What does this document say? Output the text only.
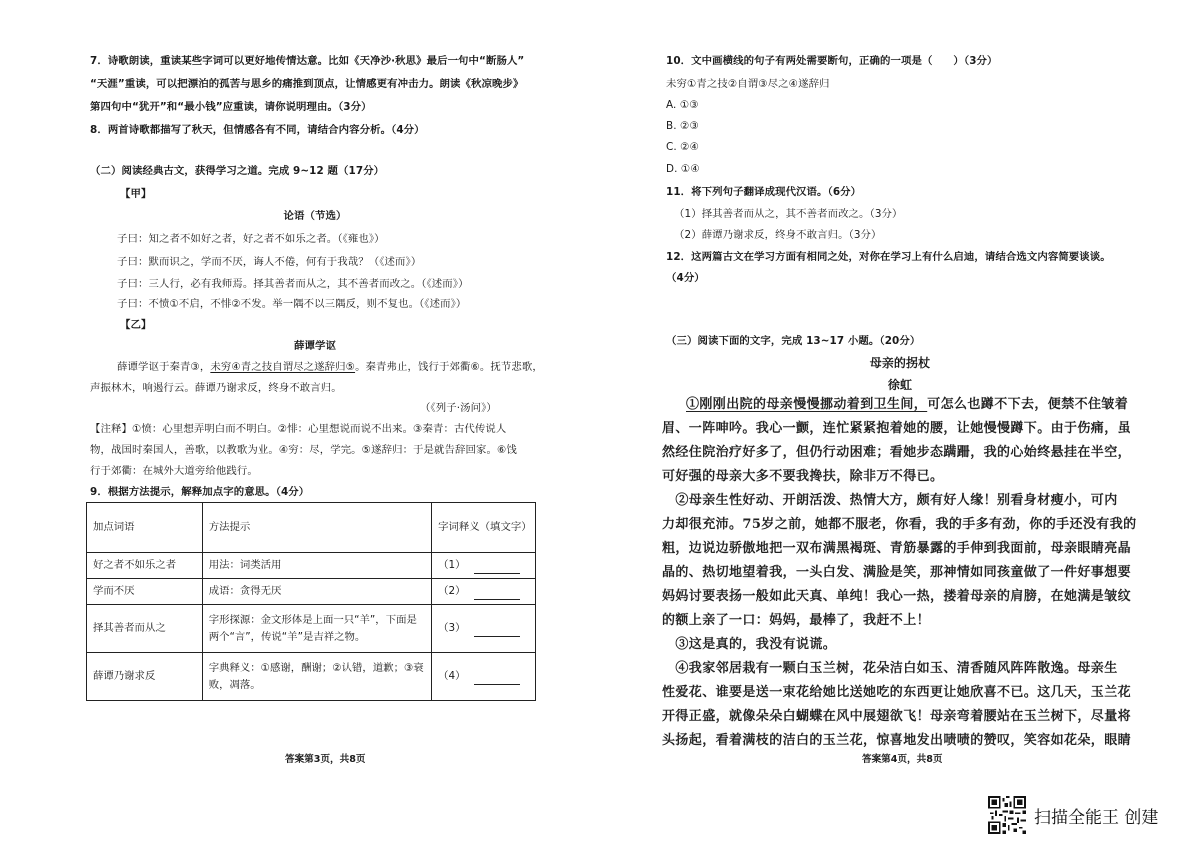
7．诗歌朗读，重读某些字词可以更好地传情达意。比如《天净沙·秋思》最后一句中“断肠人”
“天涯”重读，可以把漂泊的孤苦与思乡的痛推到顶点，让情感更有冲击力。朗读《秋凉晚步》
第四句中“犹开”和“最小钱”应重读，请你说明理由。（3分）
8．两首诗歌都描写了秋天，但情感各有不同，请结合内容分析。（4分）
（二）阅读经典古文，获得学习之道。完成 9~12 题（17分）
【甲】
论语（节选）
子曰：知之者不如好之者，好之者不如乐之者。（《雍也》）
子曰：默而识之，学而不厌，诲人不倦，何有于我哉？（《述而》）
子曰：三人行，必有我师焉。择其善者而从之，其不善者而改之。（《述而》）
子曰：不愤①不启，不悱②不发。举一隅不以三隅反，则不复也。（《述而》）
【乙】
薛谭学讴
薛谭学讴于秦青③，未穷④青之技自谓尽之遂辞归⑤。秦青弗止，饯行于郊衢⑥。抚节悲歌，
声振林木，响遏行云。薛谭乃谢求反，终身不敢言归。
（《列子·汤问》）
【注释】①愤：心里想弄明白而不明白。②悱：心里想说而说不出来。③秦青：古代传说人
物，战国时秦国人，善歌，以教歌为业。④穷：尽，学完。⑤遂辞归：于是就告辞回家。⑥饯
行于郊衢：在城外大道旁给他践行。
9．根据方法提示，解释加点字的意思。（4分）
加点词语	方法提示	字词释义（填文字）
好之者不如乐之者	用法：词类活用	（1）
学而不厌	成语：贪得无厌	（2）
择其善者而从之	字形探源：金文形体是上面一只“羊”，下面是两个“言”，传说“羊”是吉祥之物。	（3）
薛谭乃谢求反	字典释义：①感谢，酬谢；②认错，道歉；③衰败，凋落。	（4）
答案第3页，共8页
10．文中画横线的句子有两处需要断句，正确的一项是（　　）（3分）
未穷①青之技②自谓③尽之④遂辞归
A. ①③
B. ②③
C. ②④
D. ①④
11．将下列句子翻译成现代汉语。（6分）
（1）择其善者而从之，其不善者而改之。（3分）
（2）薛谭乃谢求反，终身不敢言归。（3分）
12．这两篇古文在学习方面有相同之处，对你在学习上有什么启迪，请结合选文内容简要谈谈。
（4分）
（三）阅读下面的文字，完成 13~17 小题。（20分）
母亲的拐杖
徐虹
①刚刚出院的母亲慢慢挪动着到卫生间，可怎么也蹲不下去，便禁不住皱着
眉、一阵呻吟。我心一颤，连忙紧紧抱着她的腰，让她慢慢蹲下。由于伤痛，虽
然经住院治疗好多了，但仍行动困难；看她步态蹒跚，我的心始终悬挂在半空，
可好强的母亲大多不要我搀扶，除非万不得已。
　②母亲生性好动、开朗活泼、热情大方，颇有好人缘！别看身材瘦小，可内
力却很充沛。75岁之前，她都不服老，你看，我的手多有劲，你的手还没有我的
粗，边说边骄傲地把一双布满黑褐斑、青筋暴露的手伸到我面前，母亲眼睛亮晶
晶的、热切地望着我，一头白发、满脸是笑，那神情如同孩童做了一件好事想要
妈妈讨要表扬一般如此天真、单纯！我心一热，搂着母亲的肩膀，在她满是皱纹
的额上亲了一口：妈妈，最棒了，我赶不上！
　③这是真的，我没有说谎。
　④我家邻居栽有一颗白玉兰树，花朵洁白如玉、清香随风阵阵散逸。母亲生
性爱花、谁要是送一束花给她比送她吃的东西更让她欣喜不已。这几天，玉兰花
开得正盛，就像朵朵白蝴蝶在风中展翅欲飞！母亲弯着腰站在玉兰树下，尽量将
头扬起，看着满枝的洁白的玉兰花，惊喜地发出啧啧的赞叹，笑容如花朵，眼睛
答案第4页，共8页
扫描全能王 创建
